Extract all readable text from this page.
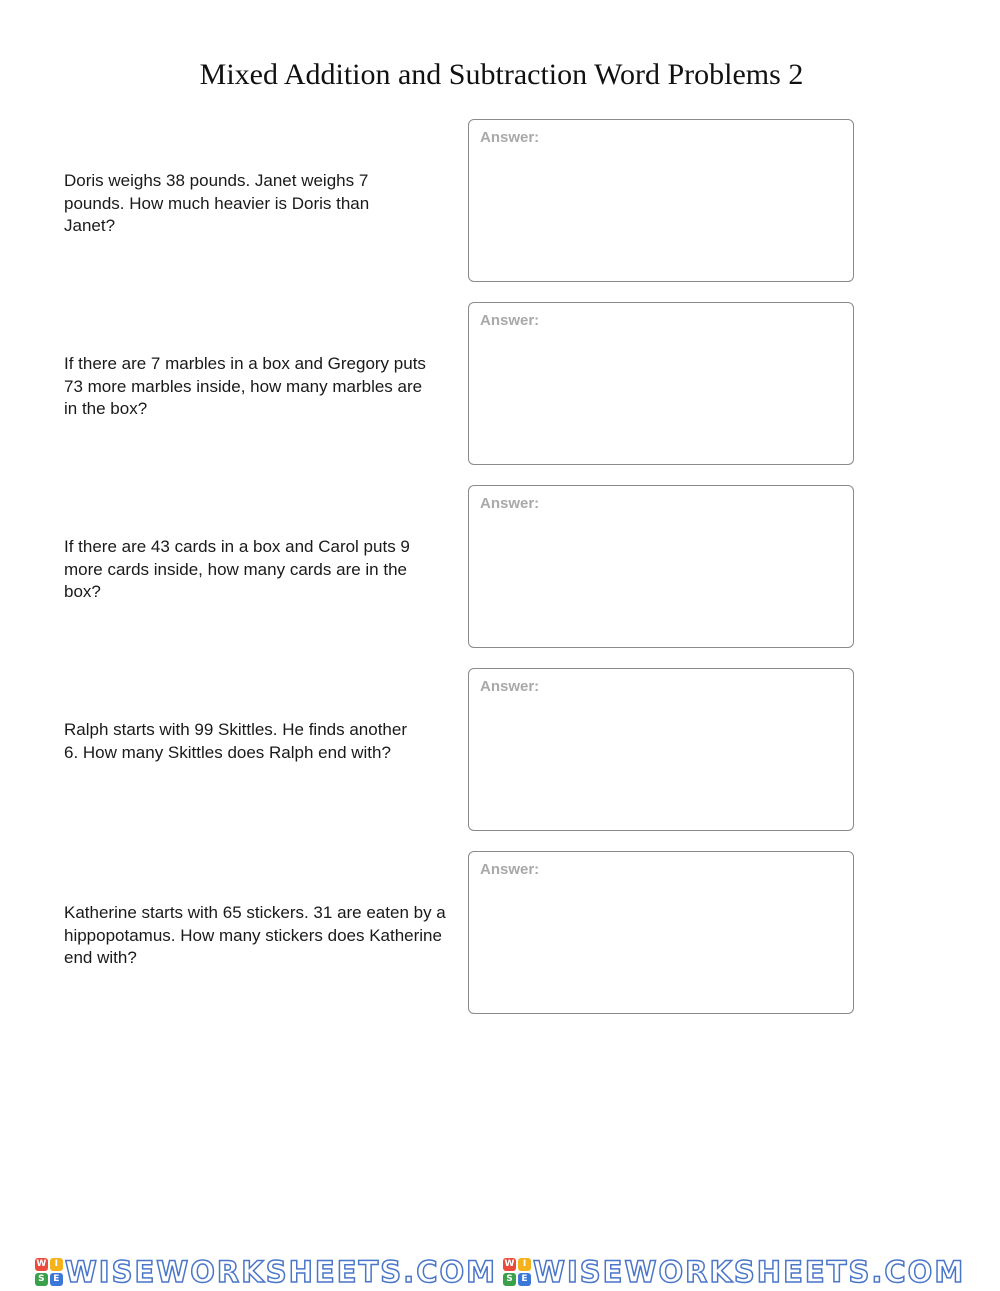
Mixed Addition and Subtraction Word Problems 2
Doris weighs 38 pounds. Janet weighs 7 pounds. How much heavier is Doris than Janet?
Answer:
If there are 7 marbles in a box and Gregory puts 73 more marbles inside, how many marbles are in the box?
Answer:
If there are 43 cards in a box and Carol puts 9 more cards inside, how many cards are in the box?
Answer:
Ralph starts with 99 Skittles. He finds another 6. How many Skittles does Ralph end with?
Answer:
Katherine starts with 65 stickers. 31 are eaten by a hippopotamus. How many stickers does Katherine end with?
Answer:
W I
S E WISEWORKSHEETS.COM W I
S E WISEWORKSHEETS.COM
